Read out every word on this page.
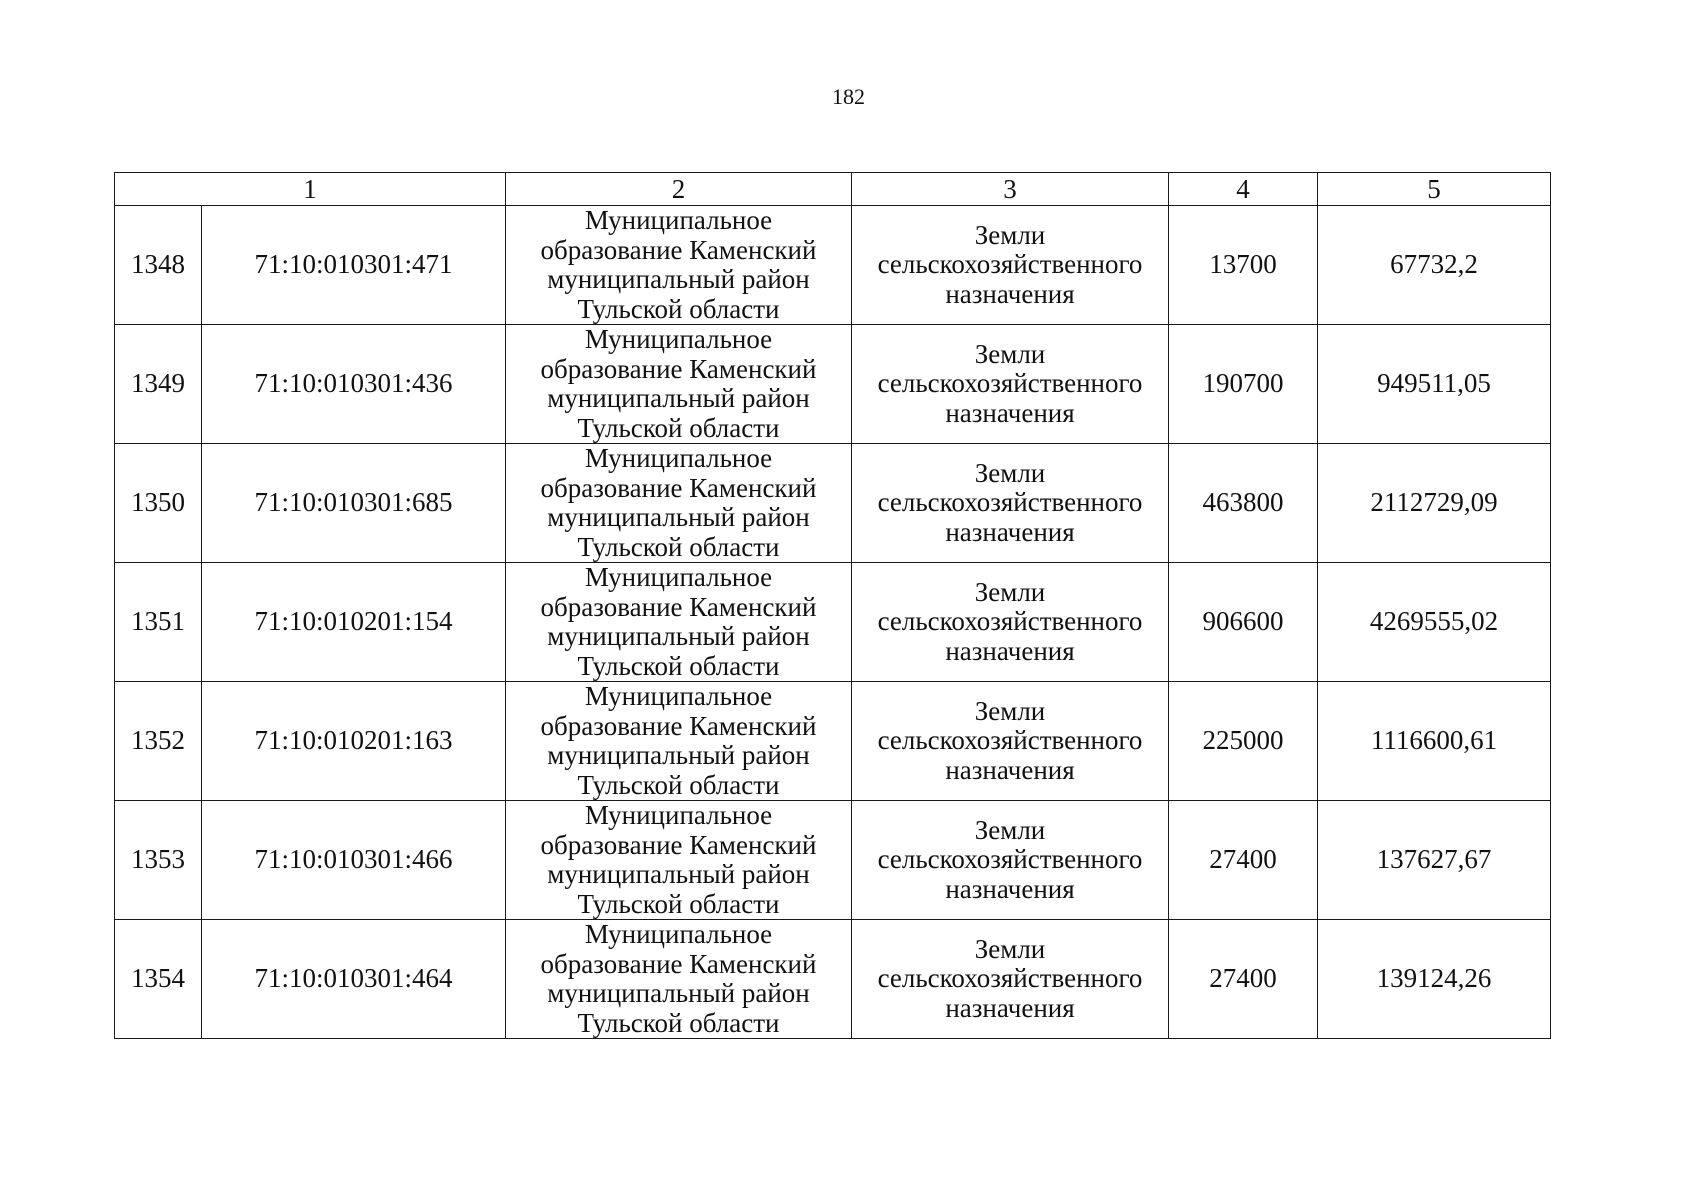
182
1		2	3	4	5
1348	71:10:010301:471	Муниципальное
образование Каменский
муниципальный район
Тульской области	Земли
сельскохозяйственного
назначения	13700	67732,2
1349	71:10:010301:436	Муниципальное
образование Каменский
муниципальный район
Тульской области	Земли
сельскохозяйственного
назначения	190700	949511,05
1350	71:10:010301:685	Муниципальное
образование Каменский
муниципальный район
Тульской области	Земли
сельскохозяйственного
назначения	463800	2112729,09
1351	71:10:010201:154	Муниципальное
образование Каменский
муниципальный район
Тульской области	Земли
сельскохозяйственного
назначения	906600	4269555,02
1352	71:10:010201:163	Муниципальное
образование Каменский
муниципальный район
Тульской области	Земли
сельскохозяйственного
назначения	225000	1116600,61
1353	71:10:010301:466	Муниципальное
образование Каменский
муниципальный район
Тульской области	Земли
сельскохозяйственного
назначения	27400	137627,67
1354	71:10:010301:464	Муниципальное
образование Каменский
муниципальный район
Тульской области	Земли
сельскохозяйственного
назначения	27400	139124,26
